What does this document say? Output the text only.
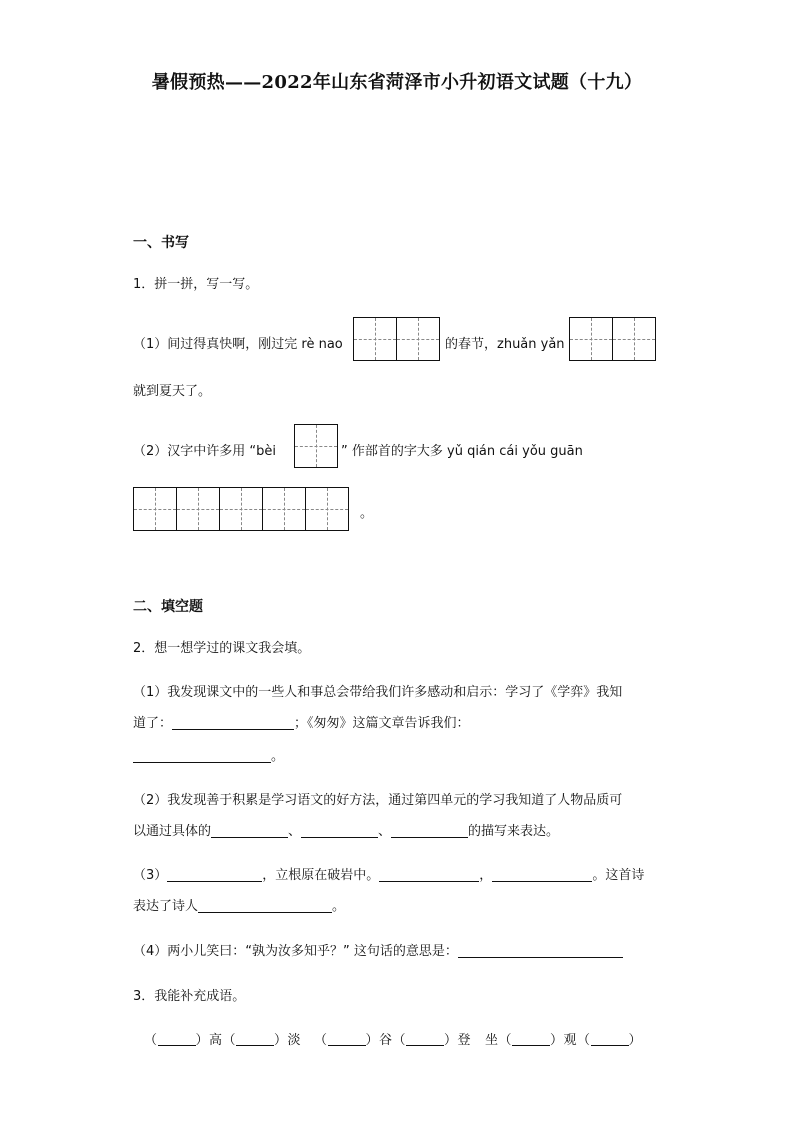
暑假预热——2022年山东省菏泽市小升初语文试题（十九）
一、书写
1．拼一拼，写一写。
（1）间过得真快啊，刚过完 rè nao	的春节，zhuǎn yǎn
就到夏天了。
（2）汉字中许多用 “bèi	” 作部首的字大多 yǔ qián cái yǒu guān
。
二、填空题
2．想一想学过的课文我会填。
（1）我发现课文中的一些人和事总会带给我们许多感动和启示：学习了《学弈》我知
道了：	；《匆匆》这篇文章告诉我们：
。
（2）我发现善于积累是学习语文的好方法，通过第四单元的学习我知道了人物品质可
以通过具体的	、	、	的描写来表达。
（3）	，立根原在破岩中。	，	。这首诗
表达了诗人	。
（4）两小儿笑曰：“孰为汝多知乎？” 这句话的意思是：
3．我能补充成语。
（	）高（	）淡 （	）谷（	）登 坐（	）观（	）
